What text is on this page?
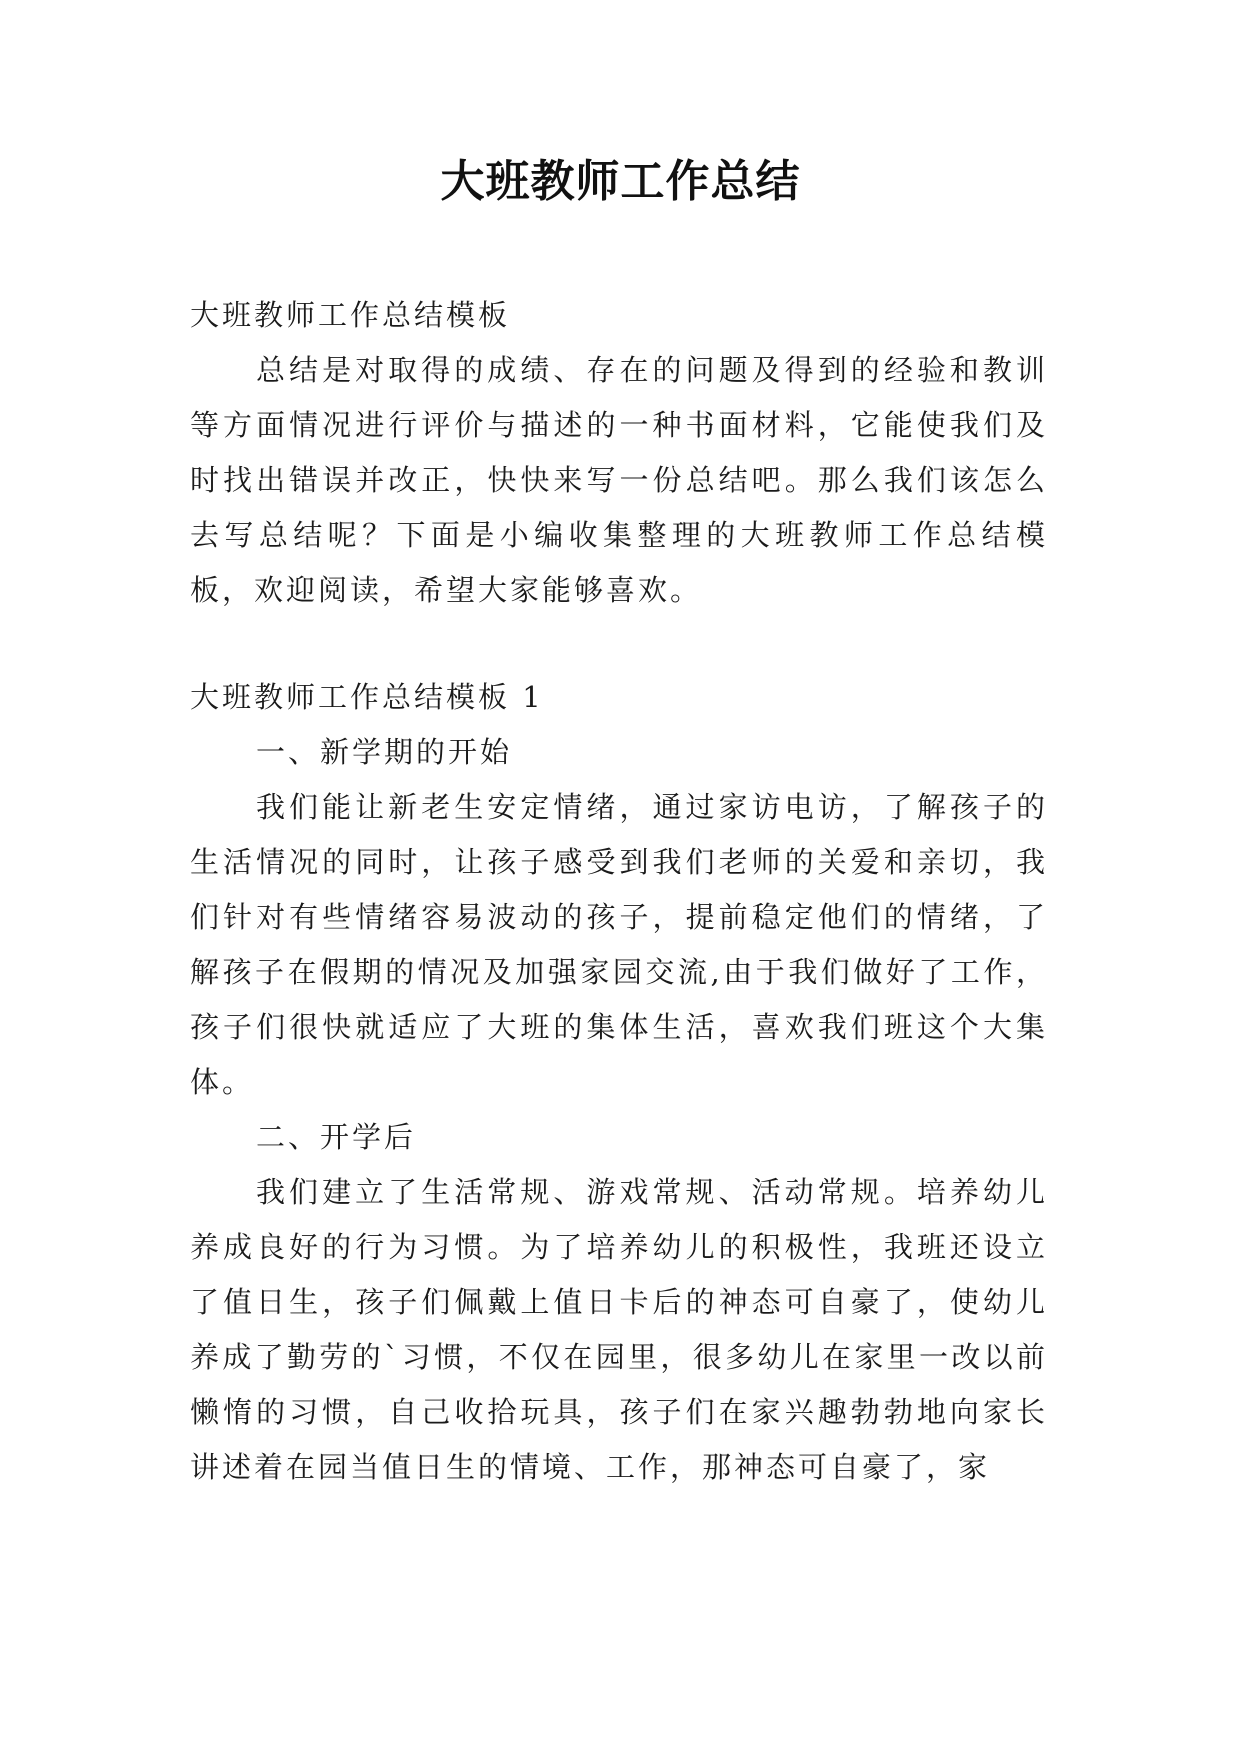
大班教师工作总结

大班教师工作总结模板

总结是对取得的成绩、存在的问题及得到的经验和教训等方面情况进行评价与描述的一种书面材料，它能使我们及时找出错误并改正，快快来写一份总结吧。那么我们该怎么去写总结呢？下面是小编收集整理的大班教师工作总结模板，欢迎阅读，希望大家能够喜欢。

大班教师工作总结模板 1

一、新学期的开始

我们能让新老生安定情绪，通过家访电访，了解孩子的生活情况的同时，让孩子感受到我们老师的关爱和亲切，我们针对有些情绪容易波动的孩子，提前稳定他们的情绪，了解孩子在假期的情况及加强家园交流,由于我们做好了工作，孩子们很快就适应了大班的集体生活，喜欢我们班这个大集体。

二、开学后

我们建立了生活常规、游戏常规、活动常规。培养幼儿养成良好的行为习惯。为了培养幼儿的积极性，我班还设立了值日生，孩子们佩戴上值日卡后的神态可自豪了，使幼儿养成了勤劳的`习惯，不仅在园里，很多幼儿在家里一改以前懒惰的习惯，自己收拾玩具，孩子们在家兴趣勃勃地向家长讲述着在园当值日生的情境、工作，那神态可自豪了，家
